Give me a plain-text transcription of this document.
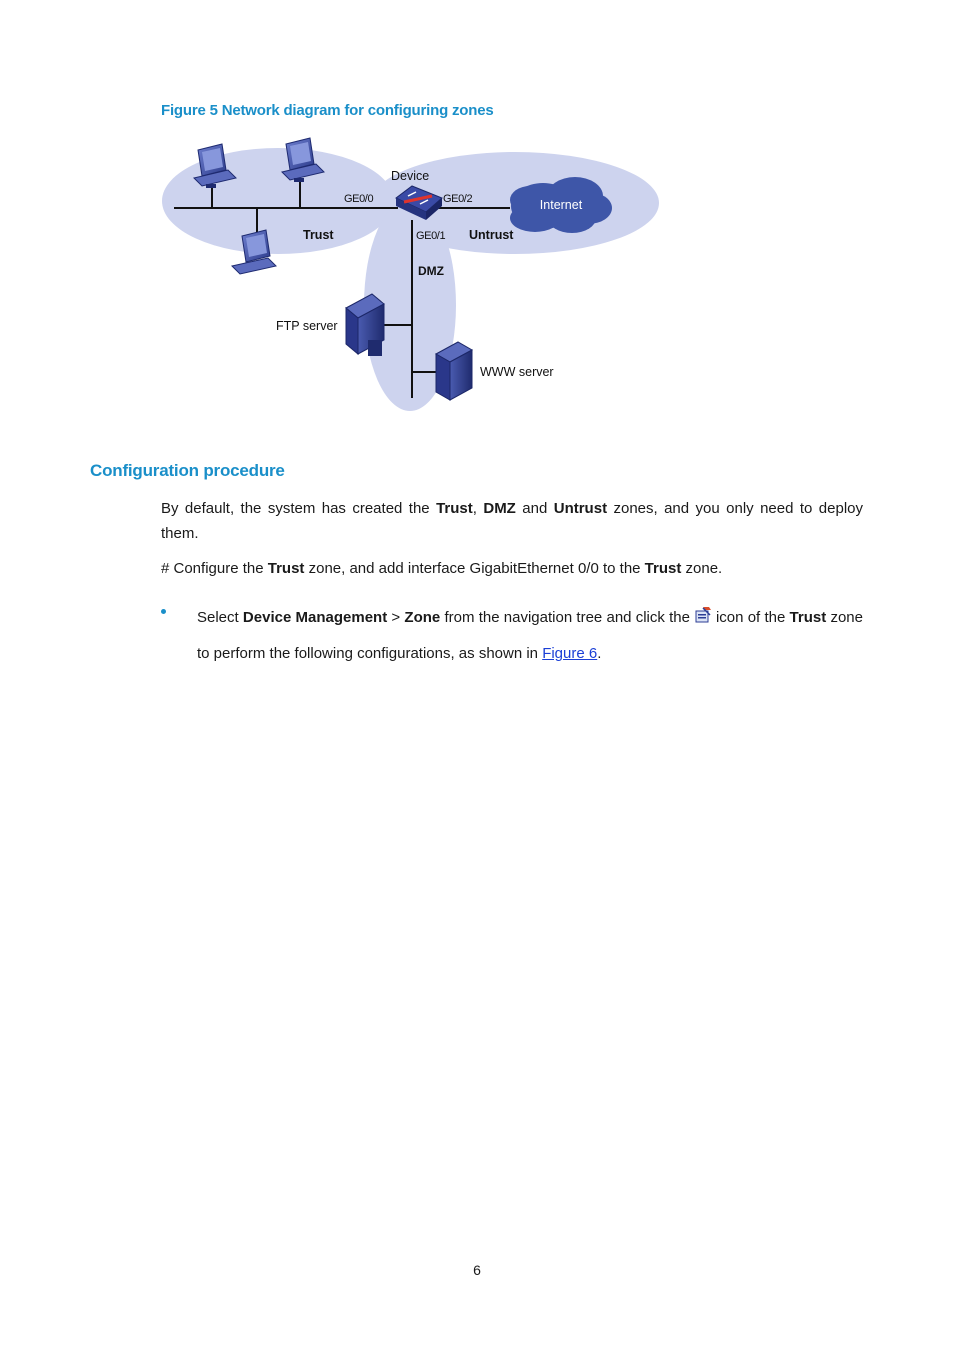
Figure 5 Network diagram for configuring zones
Internet
Device
GE0/0	GE0/2
GE0/1
Trust	Untrust
DMZ
FTP server
WWW server
Configuration procedure
By default, the system has created the Trust, DMZ and Untrust zones, and you only need to deploy them.
# Configure the Trust zone, and add interface GigabitEthernet 0/0 to the Trust zone.
Select Device Management > Zone from the navigation tree and click the icon of the Trust zone to perform the following configurations, as shown in Figure 6.
6
